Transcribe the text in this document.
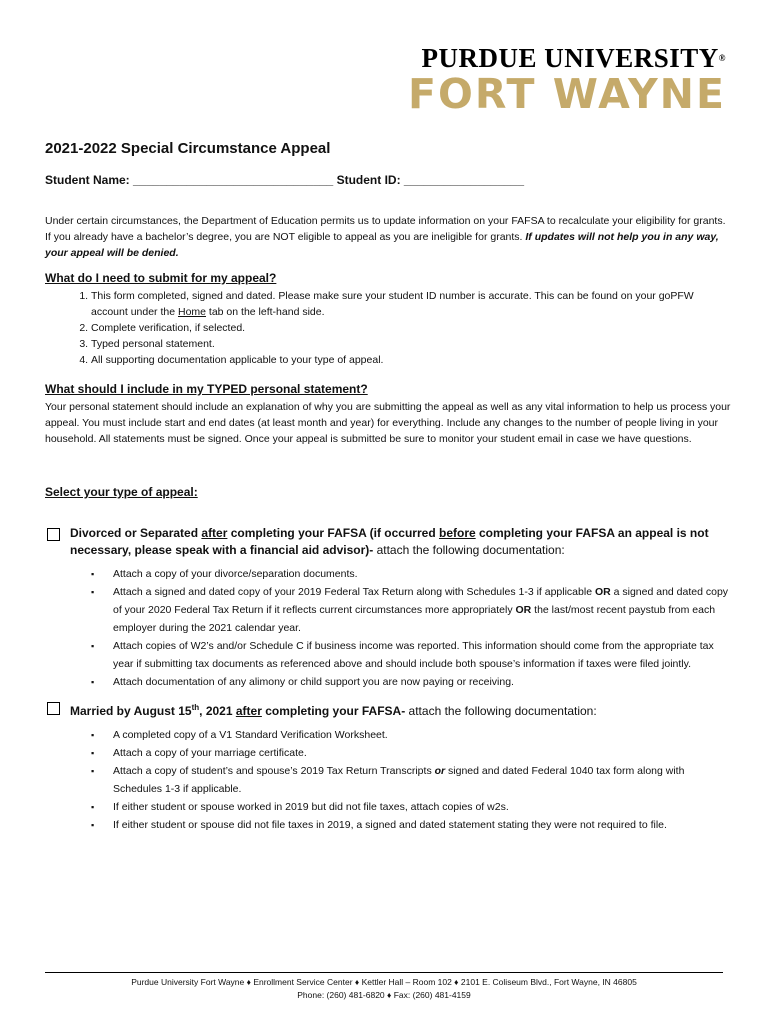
PURDUE UNIVERSITY®
FORT WAYNE
2021-2022 Special Circumstance Appeal
Student Name: ______________________________ Student ID: __________________

Under certain circumstances, the Department of Education permits us to update information on your FAFSA to recalculate your eligibility for grants. If you already have a bachelor’s degree, you are NOT eligible to appeal as you are ineligible for grants. If updates will not help you in any way, your appeal will be denied.

What do I need to submit for my appeal?
1. This form completed, signed and dated. Please make sure your student ID number is accurate. This can be found on your goPFW account under the Home tab on the left-hand side.
2. Complete verification, if selected.
3. Typed personal statement.
4. All supporting documentation applicable to your type of appeal.
What should I include in my TYPED personal statement?

Your personal statement should include an explanation of why you are submitting the appeal as well as any vital information to help us process your appeal. You must include start and end dates (at least month and year) for everything. Include any changes to the number of people living in your household. All statements must be signed. Once your appeal is submitted be sure to monitor your student email in case we have questions.

Select your type of appeal:
Divorced or Separated after completing your FAFSA (if occurred before completing your FAFSA an appeal is not necessary, please speak with a financial aid advisor)- attach the following documentation:
▪ Attach a copy of your divorce/separation documents.
▪ Attach a signed and dated copy of your 2019 Federal Tax Return along with Schedules 1-3 if applicable OR a signed and dated copy of your 2020 Federal Tax Return if it reflects current circumstances more appropriately OR the last/most recent paystub from each employer during the 2021 calendar year.
▪ Attach copies of W2’s and/or Schedule C if business income was reported. This information should come from the appropriate tax year if submitting tax documents as referenced above and should include both spouse’s information if taxes were filed jointly.
▪ Attach documentation of any alimony or child support you are now paying or receiving.
Married by August 15th, 2021 after completing your FAFSA- attach the following documentation:
▪ A completed copy of a V1 Standard Verification Worksheet.
▪ Attach a copy of your marriage certificate.
▪ Attach a copy of student’s and spouse’s 2019 Tax Return Transcripts or signed and dated Federal 1040 tax form along with Schedules 1-3 if applicable.
▪ If either student or spouse worked in 2019 but did not file taxes, attach copies of w2s.
▪ If either student or spouse did not file taxes in 2019, a signed and dated statement stating they were not required to file.
Purdue University Fort Wayne ♦ Enrollment Service Center ♦ Kettler Hall – Room 102 ♦ 2101 E. Coliseum Blvd., Fort Wayne, IN 46805
Phone: (260) 481-6820 ♦ Fax: (260) 481-4159
